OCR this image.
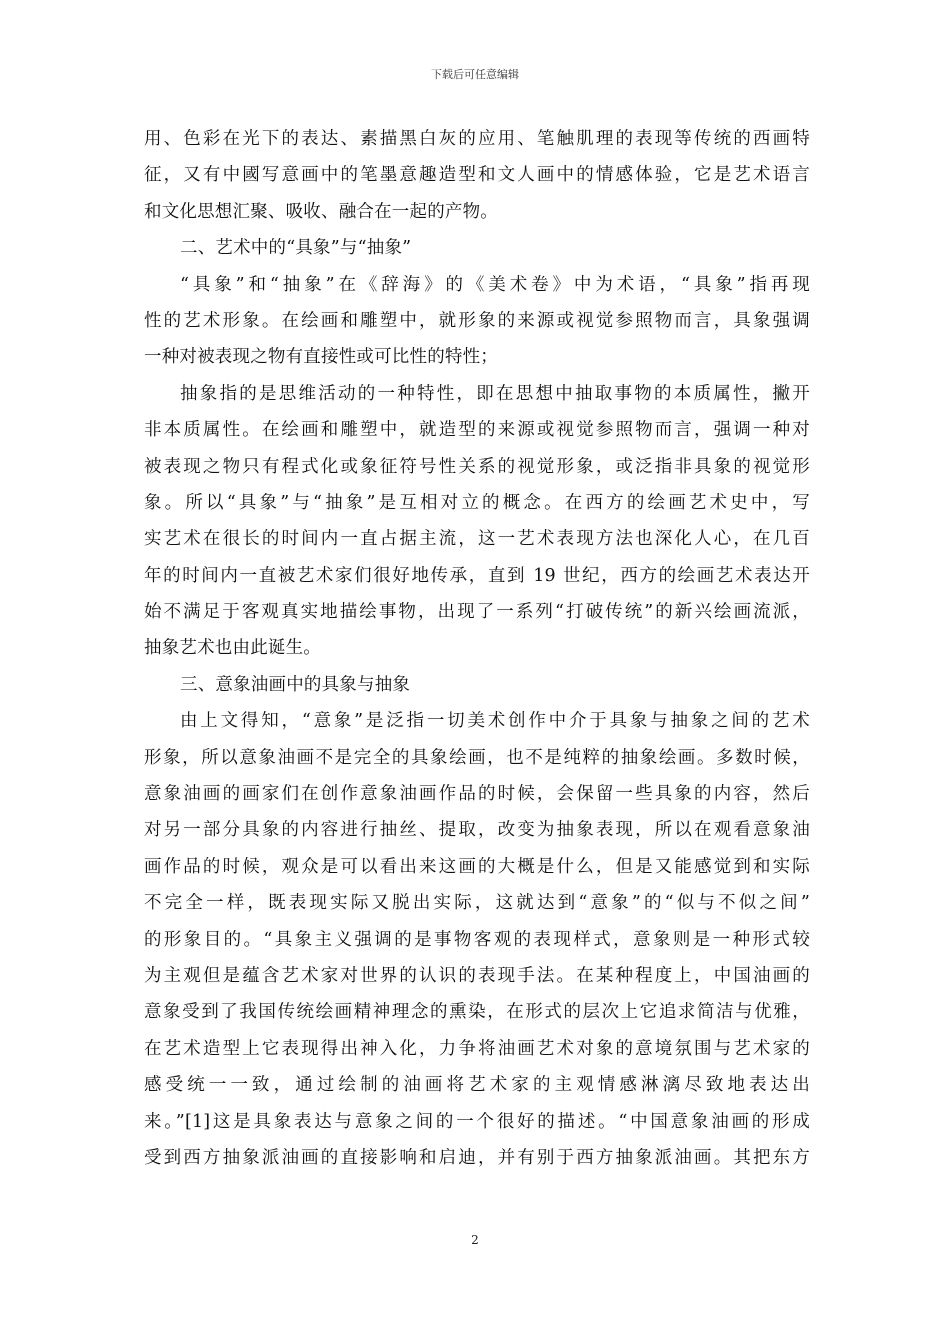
下载后可任意编辑
用、色彩在光下的表达、素描黑白灰的应用、笔触肌理的表现等传统的西画特
征，又有中國写意画中的笔墨意趣造型和文人画中的情感体验，它是艺术语言
和文化思想汇聚、吸收、融合在一起的产物。
二、艺术中的“具象”与“抽象”
“具象”和“抽象”在《辞海》的《美术卷》中为术语，“具象”指再现
性的艺术形象。在绘画和雕塑中，就形象的来源或视觉参照物而言，具象强调
一种对被表现之物有直接性或可比性的特性；
抽象指的是思维活动的一种特性，即在思想中抽取事物的本质属性，撇开
非本质属性。在绘画和雕塑中，就造型的来源或视觉参照物而言，强调一种对
被表现之物只有程式化或象征符号性关系的视觉形象，或泛指非具象的视觉形
象。所以“具象”与“抽象”是互相对立的概念。在西方的绘画艺术史中，写
实艺术在很长的时间内一直占据主流，这一艺术表现方法也深化人心，在几百
年的时间内一直被艺术家们很好地传承，直到 19 世纪，西方的绘画艺术表达开
始不满足于客观真实地描绘事物，出现了一系列“打破传统”的新兴绘画流派，
抽象艺术也由此诞生。
三、意象油画中的具象与抽象
由上文得知，“意象”是泛指一切美术创作中介于具象与抽象之间的艺术
形象，所以意象油画不是完全的具象绘画，也不是纯粹的抽象绘画。多数时候，
意象油画的画家们在创作意象油画作品的时候，会保留一些具象的内容，然后
对另一部分具象的内容进行抽丝、提取，改变为抽象表现，所以在观看意象油
画作品的时候，观众是可以看出来这画的大概是什么，但是又能感觉到和实际
不完全一样，既表现实际又脱出实际，这就达到“意象”的“似与不似之间”
的形象目的。“具象主义强调的是事物客观的表现样式，意象则是一种形式较
为主观但是蕴含艺术家对世界的认识的表现手法。在某种程度上，中国油画的
意象受到了我国传统绘画精神理念的熏染，在形式的层次上它追求简洁与优雅，
在艺术造型上它表现得出神入化，力争将油画艺术对象的意境氛围与艺术家的
感受统一一致，通过绘制的油画将艺术家的主观情感淋漓尽致地表达出
来。”[1]这是具象表达与意象之间的一个很好的描述。“中国意象油画的形成
受到西方抽象派油画的直接影响和启迪，并有别于西方抽象派油画。其把东方
2
